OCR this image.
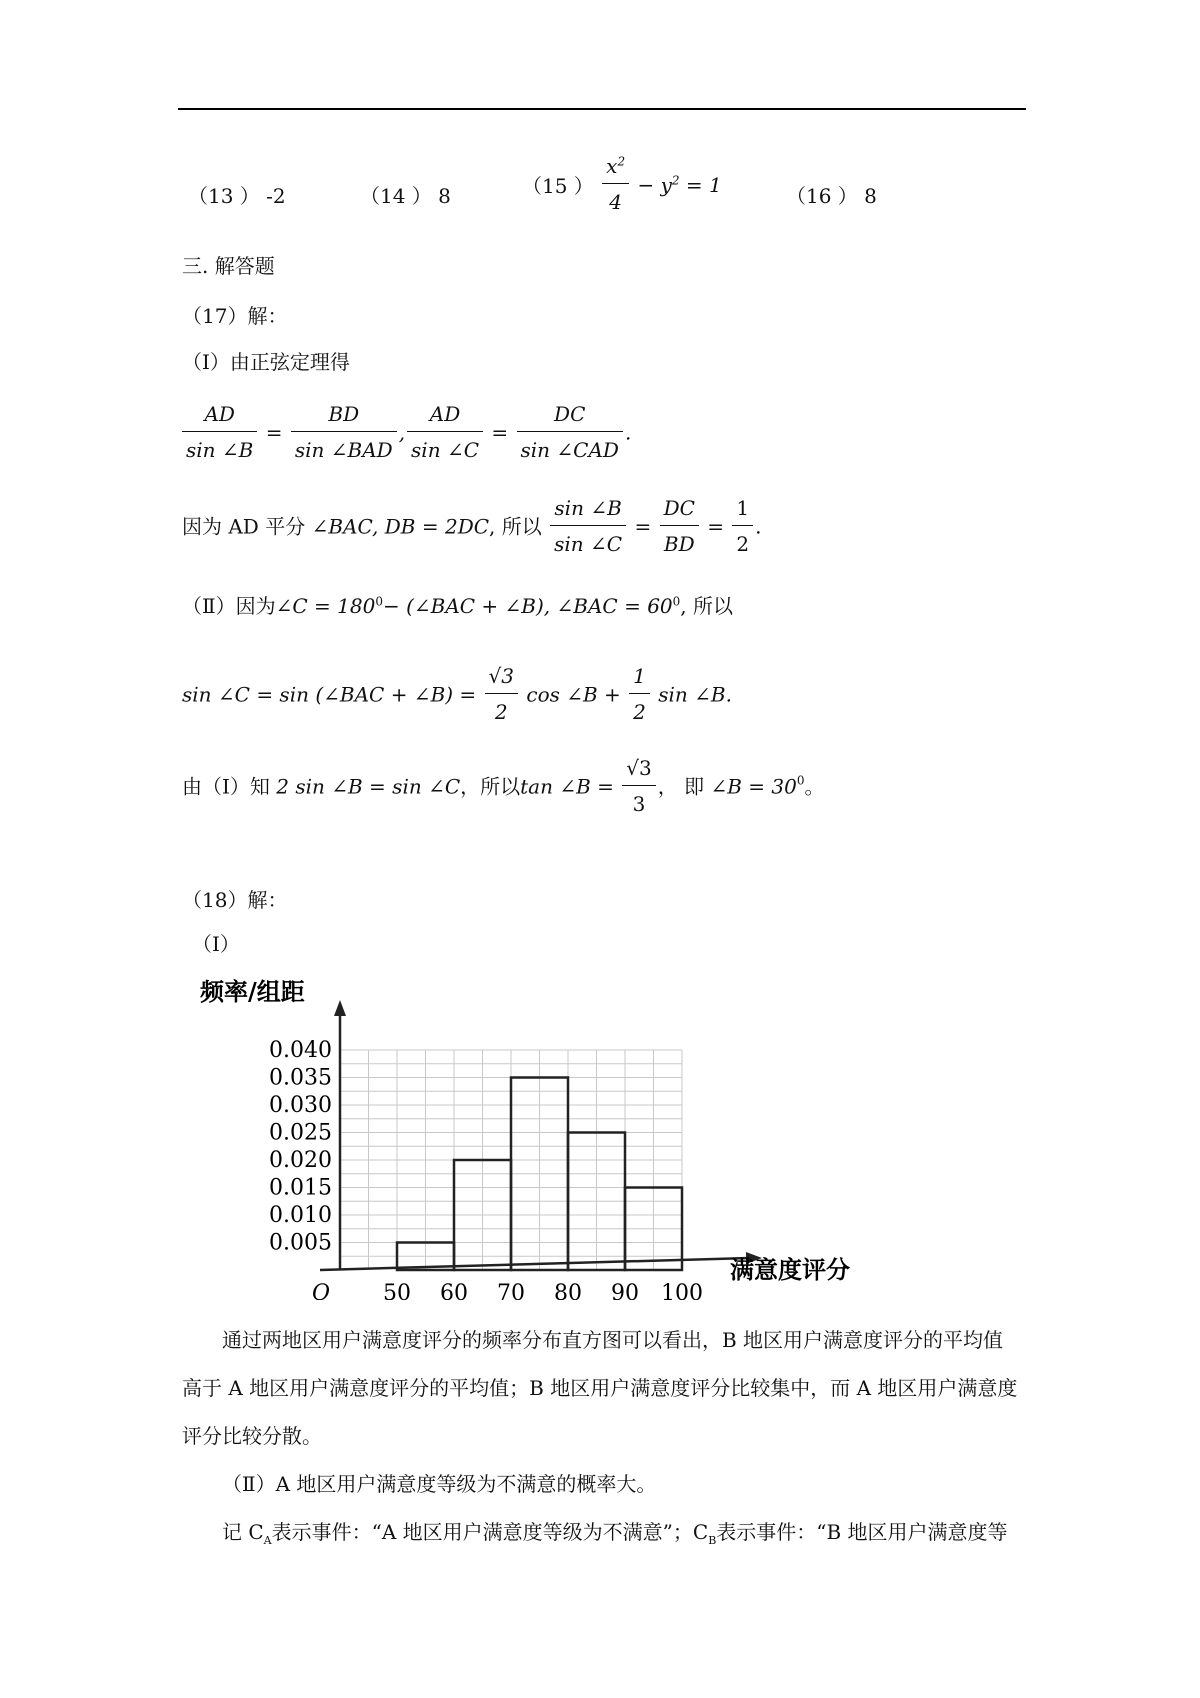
（13 ） -2	（14 ） 8	（15 ） $\frac{x^2}{4} - y^2 = 1$	（16 ） 8
三. 解答题
（17）解：
（Ⅰ）由正弦定理得
$\frac{AD}{\sin \angle B} = \frac{BD}{\text{sin ∠BAD}}$ , $\frac{AD}{\sin \angle C} = \frac{DC}{\text{sin ∠CAD}}$ .
因为 AD 平分 ∠BAC, DB = 2DC, 所以 $\frac{\sin \angle B}{\sin \angle C} = \frac{DC}{BD} = \frac{1}{2}$ .
（Ⅱ）因为∠C = $180^0-$ (∠BAC + ∠B), ∠BAC = $60^0$, 所以
sin ∠C = sin (∠BAC + ∠B) = $\frac{√3}{2}$ cos ∠B + $\frac{1}{2}$ sin ∠B.
由（Ⅰ）知 2 sin ∠B = sin ∠C，所以tan ∠B = $\frac{√3}{3}$ ， 即 ∠B = $30^0$。
（18）解：
（Ⅰ）
0.005
0.010
0.015
0.020
0.025
0.030
0.035
0.040
50 60 70 80 90 100
频率/组距
满意度评分
O
通过两地区用户满意度评分的频率分布直方图可以看出，B 地区用户满意度评分的平均值高于 A 地区用户满意度评分的平均值；B 地区用户满意度评分比较集中，而 A 地区用户满意度评分比较分散。
（Ⅱ）A 地区用户满意度等级为不满意的概率大。
记 $C_A$表示事件：“A 地区用户满意度等级为不满意”；$C_B$表示事件：“B 地区用户满意度等
